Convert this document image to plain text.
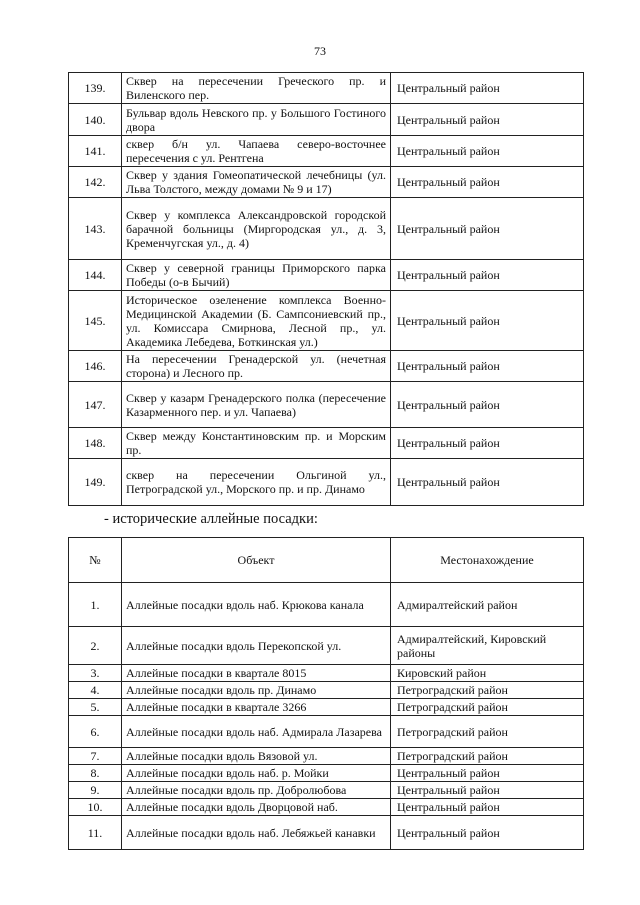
73
139.	Сквер на пересечении Греческого пр. и Виленского пер.	Центральный район
140.	Бульвар вдоль Невского пр. у Большого Гостиного двора	Центральный район
141.	сквер б/н ул. Чапаева северо-восточнее пересечения с ул. Рентгена	Центральный район
142.	Сквер у здания Гомеопатической лечебницы (ул. Льва Толстого, между домами № 9 и 17)	Центральный район
143.	Сквер у комплекса Александровской городской барачной больницы (Миргородская ул., д. 3, Кременчугская ул., д. 4)	Центральный район
144.	Сквер у северной границы Приморского парка Победы (о-в Бычий)	Центральный район
145.	Историческое озеленение комплекса Военно-Медицинской Академии (Б. Сампсониевский пр., ул. Комиссара Смирнова, Лесной пр., ул. Академика Лебедева, Боткинская ул.)	Центральный район
146.	На пересечении Гренадерской ул. (нечетная сторона) и Лесного пр.	Центральный район
147.	Сквер у казарм Гренадерского полка (пересечение Казарменного пер. и ул. Чапаева)	Центральный район
148.	Сквер между Константиновским пр. и Морским пр.	Центральный район
149.	сквер на пересечении Ольгиной ул., Петроградской ул., Морского пр. и пр. Динамо	Центральный район
- исторические аллейные посадки:
№	Объект	Местонахождение
1.	Аллейные посадки вдоль наб. Крюкова канала	Адмиралтейский район
2.	Аллейные посадки вдоль Перекопской ул.	Адмиралтейский, Кировский районы
3.	Аллейные посадки в квартале 8015	Кировский район
4.	Аллейные посадки вдоль пр. Динамо	Петроградский район
5.	Аллейные посадки в квартале 3266	Петроградский район
6.	Аллейные посадки вдоль наб. Адмирала Лазарева	Петроградский район
7.	Аллейные посадки вдоль Вязовой ул.	Петроградский район
8.	Аллейные посадки вдоль наб. р. Мойки	Центральный район
9.	Аллейные посадки вдоль пр. Добролюбова	Центральный район
10.	Аллейные посадки вдоль Дворцовой наб.	Центральный район
11.	Аллейные посадки вдоль наб. Лебяжьей канавки	Центральный район
